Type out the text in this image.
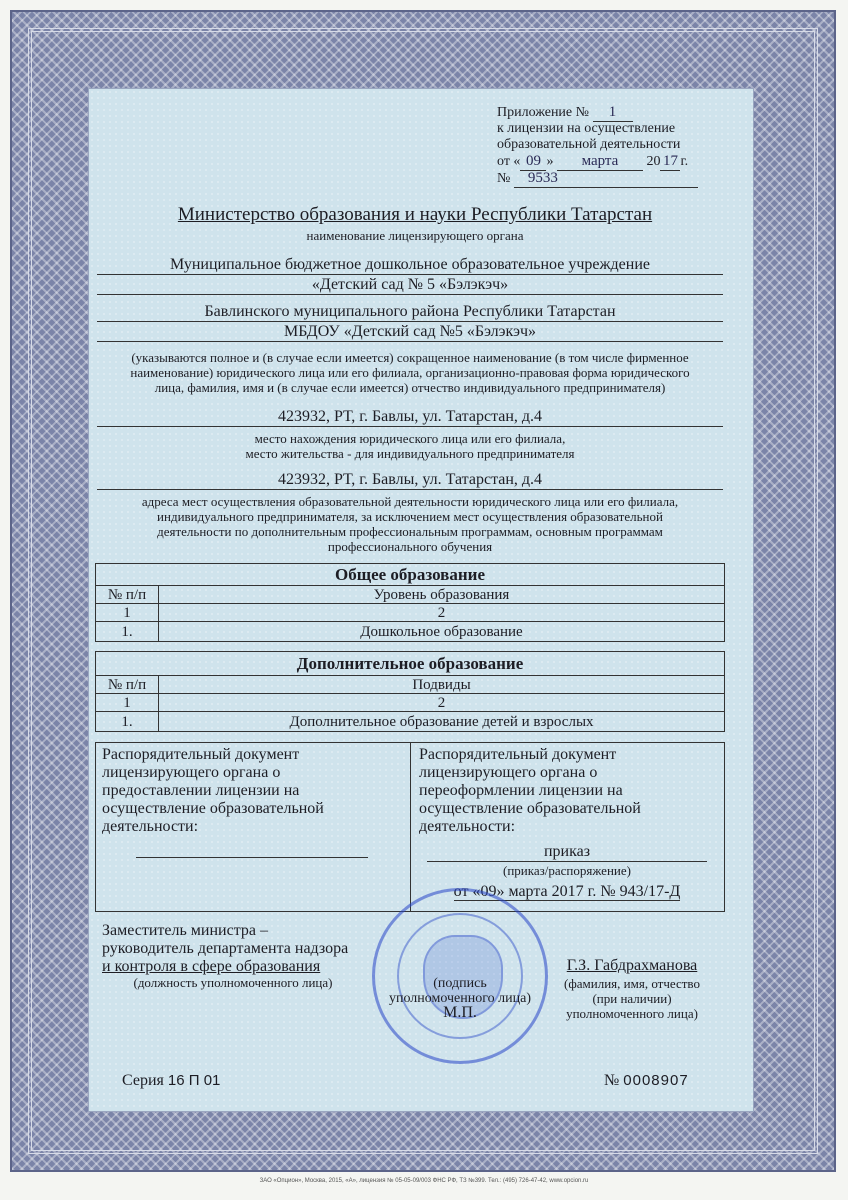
Приложение № 1
к лицензии на осуществление
образовательной деятельности
от « 09 » марта 20 17 г.
№ 9533
Министерство образования и науки Республики Татарстан
наименование лицензирующего органа
Муниципальное бюджетное дошкольное образовательное учреждение
«Детский сад № 5 «Бэлэкэч»
Бавлинского муниципального района Республики Татарстан
МБДОУ «Детский сад №5 «Бэлэкэч»
(указываются полное и (в случае если имеется) сокращенное наименование (в том числе фирменное
наименование) юридического лица или его филиала, организационно-правовая форма юридического
лица, фамилия, имя и (в случае если имеется) отчество индивидуального предпринимателя)
423932, РТ, г. Бавлы, ул. Татарстан, д.4
место нахождения юридического лица или его филиала,
место жительства - для индивидуального предпринимателя
423932, РТ, г. Бавлы, ул. Татарстан, д.4
адреса мест осуществления образовательной деятельности юридического лица или его филиала,
индивидуального предпринимателя, за исключением мест осуществления образовательной
деятельности по дополнительным профессиональным программам, основным программам
профессионального обучения
Общее образование	
№ п/п	Уровень образования
1	2
1.	Дошкольное образование
Дополнительное образование	
№ п/п	Подвиды
1	2
1.	Дополнительное образование детей и взрослых
Распорядительный документ
лицензирующего органа о
предоставлении лицензии на
осуществление образовательной
деятельности:
Распорядительный документ
лицензирующего органа о
переоформлении лицензии на
осуществление образовательной
деятельности:
приказ
(приказ/распоряжение)
от «09» марта 2017 г. № 943/17-Д
Заместитель министра –
руководитель департамента надзора
и контроля в сфере образования
(должность уполномоченного лица)	(подпись
уполномоченного лица)
М.П.
Г.З. Габдрахманова
(фамилия, имя, отчество
(при наличии)
уполномоченного лица)
Серия 16 П 01	№ 0008907
ЗАО «Опцион», Москва, 2015, «А», лицензия № 05-05-09/003 ФНС РФ, ТЗ №399. Тел.: (495) 726-47-42, www.opcion.ru
